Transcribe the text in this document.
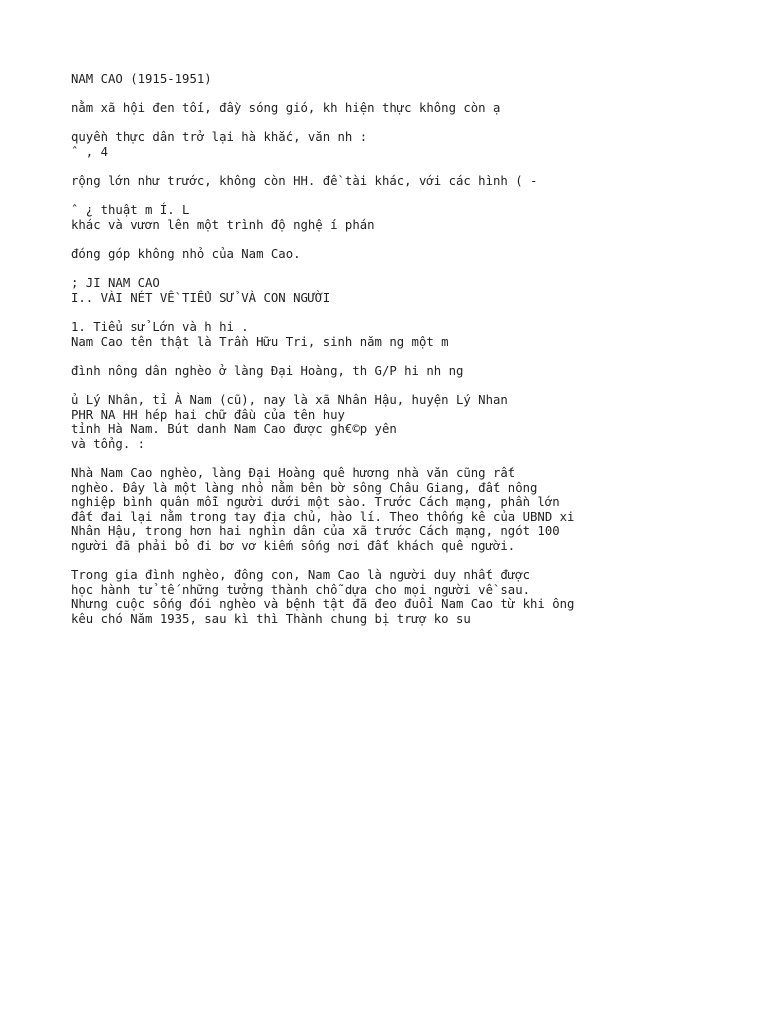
NAM CAO (1915-1951)
nằm xã hội đen tối, đầy sóng gió, kh hiện thực không còn ạ
quyền thực dân trở lại hà khắc, văn nh :
ˆ , 4
rộng lớn như trước, không còn HH. đề tài khác, với các hình ( -
ˆ ¿ thuật m Í. L
khác và vươn lên một trình độ nghệ í phán
đóng góp không nhỏ của Nam Cao.
; JI NAM CAO
I.. VÀI NÉT VỀ TIỂU SỬ VÀ CON NGƯỜI
1. Tiểu sử Lớn và h hi .
Nam Cao tên thật là Trần Hữu Tri, sinh năm ng một m
đình nông dân nghèo ở làng Đại Hoàng, th G/P hi nh ng
ủ Lý Nhân, tỉ À Nam (cũ), nay là xã Nhân Hậu, huyện Lý Nhan
PHR NA HH hép hai chữ đầu của tên huy
tỉnh Hà Nam. Bút danh Nam Cao được gh€©p yên
và tổng. :
Nhà Nam Cao nghèo, làng Đại Hoàng quê hương nhà văn cũng rất
nghèo. Đây là một làng nhỏ nằm bên bờ sông Châu Giang, đất nông
nghiệp bình quân mỗi người dưới một sào. Trước Cách mạng, phần lớn
đất đai lại nằm trong tay địa chủ, hào lí. Theo thống kê của UBND xi
Nhân Hậu, trong hơn hai nghìn dân của xã trước Cách mạng, ngót 100
người đã phải bỏ đi bơ vơ kiếm sống nơi đất khách quê người.
Trong gia đình nghèo, đông con, Nam Cao là người duy nhất được
học hành tử tế những tưởng thành chỗ dựa cho mọi người về sau.
Nhưng cuộc sống đói nghèo và bệnh tật đã đeo đuổi Nam Cao từ khi ông
kêu chó Năm 1935, sau kì thì Thành chung bị trượ ko su
